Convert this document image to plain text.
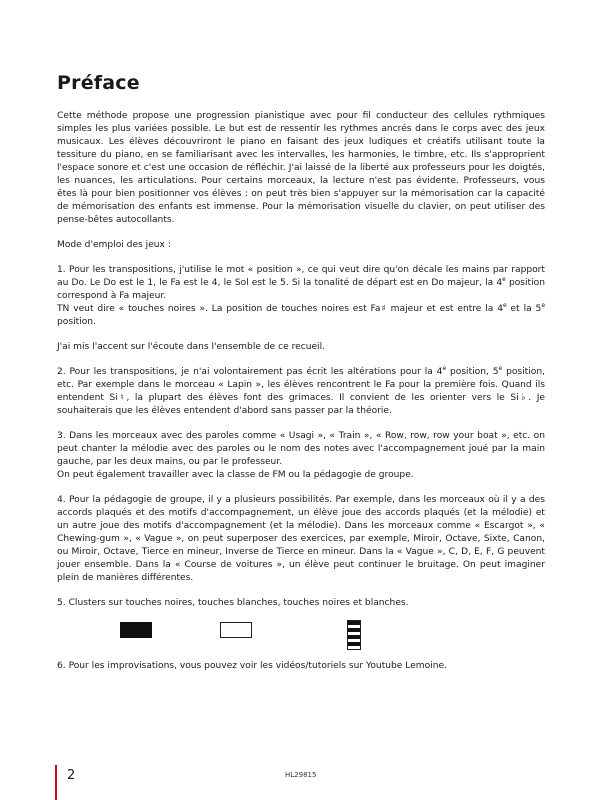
Préface

Cette méthode propose une progression pianistique avec pour fil conducteur des cellules rythmiques simples les plus variées possible. Le but est de ressentir les rythmes ancrés dans le corps avec des jeux musicaux. Les élèves découvriront le piano en faisant des jeux ludiques et créatifs utilisant toute la tessiture du piano, en se familiarisant avec les intervalles, les harmonies, le timbre, etc. Ils s'approprient l'espace sonore et c'est une occasion de réfléchir. J'ai laissé de la liberté aux professeurs pour les doigtés, les nuances, les articulations. Pour certains morceaux, la lecture n'est pas évidente. Professeurs, vous êtes là pour bien positionner vos élèves : on peut très bien s'appuyer sur la mémorisation car la capacité de mémorisation des enfants est immense. Pour la mémorisation visuelle du clavier, on peut utiliser des pense-bêtes autocollants.

Mode d'emploi des jeux :

1. Pour les transpositions, j'utilise le mot « position », ce qui veut dire qu'on décale les mains par rapport au Do. Le Do est le 1, le Fa est le 4, le Sol est le 5. Si la tonalité de départ est en Do majeur, la 4e position correspond à Fa majeur.
TN veut dire « touches noires ». La position de touches noires est Fa♯ majeur et est entre la 4e et la 5e position.

J'ai mis l'accent sur l'écoute dans l'ensemble de ce recueil.

2. Pour les transpositions, je n'ai volontairement pas écrit les altérations pour la 4e position, 5e position, etc. Par exemple dans le morceau « Lapin », les élèves rencontrent le Fa pour la première fois. Quand ils entendent Si♮, la plupart des élèves font des grimaces. Il convient de les orienter vers le Si♭. Je souhaiterais que les élèves entendent d'abord sans passer par la théorie.

3. Dans les morceaux avec des paroles comme « Usagi », « Train », « Row, row, row your boat », etc. on peut chanter la mélodie avec des paroles ou le nom des notes avec l'accompagnement joué par la main gauche, par les deux mains, ou par le professeur.
On peut également travailler avec la classe de FM ou la pédagogie de groupe.

4. Pour la pédagogie de groupe, il y a plusieurs possibilités. Par exemple, dans les morceaux où il y a des accords plaqués et des motifs d'accompagnement, un élève joue des accords plaqués (et la mélodie) et un autre joue des motifs d'accompagnement (et la mélodie). Dans les morceaux comme « Escargot », « Chewing-gum », « Vague », on peut superposer des exercices, par exemple, Miroir, Octave, Sixte, Canon, ou Miroir, Octave, Tierce en mineur, Inverse de Tierce en mineur. Dans la « Vague », C, D, E, F, G peuvent jouer ensemble. Dans la « Course de voitures », un élève peut continuer le bruitage. On peut imaginer plein de manières différentes.

5. Clusters sur touches noires, touches blanches, touches noires et blanches.

6. Pour les improvisations, vous pouvez voir les vidéos/tutoriels sur Youtube Lemoine.

2	HL29815
